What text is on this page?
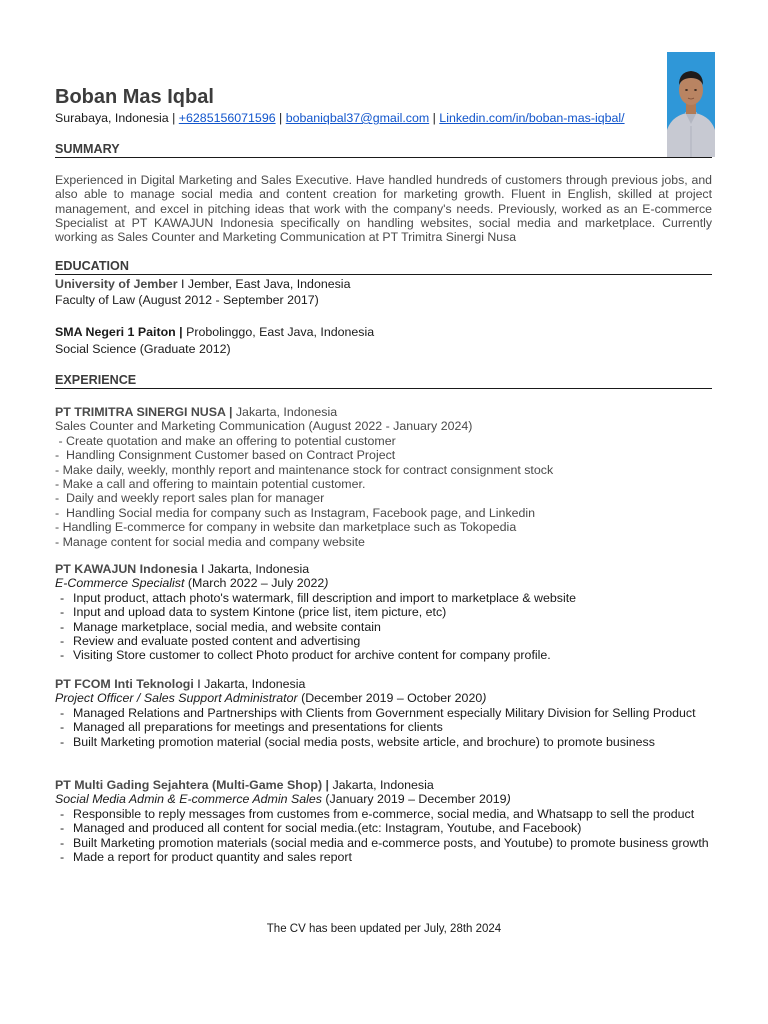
Boban Mas Iqbal
Surabaya, Indonesia | +6285156071596 | bobaniqbal37@gmail.com | Linkedin.com/in/boban-mas-iqbal/
SUMMARY

Experienced in Digital Marketing and Sales Executive. Have handled hundreds of customers through previous jobs, and also able to manage social media and content creation for marketing growth. Fluent in English, skilled at project management, and excel in pitching ideas that work with the company's needs. Previously, worked as an E-commerce Specialist at PT KAWAJUN Indonesia specifically on handling websites, social media and marketplace. Currently working as Sales Counter and Marketing Communication at PT Trimitra Sinergi Nusa

EDUCATION
University of Jember I Jember, East Java, Indonesia
Faculty of Law (August 2012 - September 2017)
SMA Negeri 1 Paiton | Probolinggo, East Java, Indonesia
Social Science (Graduate 2012)
EXPERIENCE
PT TRIMITRA SINERGI NUSA | Jakarta, Indonesia
Sales Counter and Marketing Communication (August 2022 - January 2024)
- Create quotation and make an offering to potential customer
-  Handling Consignment Customer based on Contract Project
- Make daily, weekly, monthly report and maintenance stock for contract consignment stock
- Make a call and offering to maintain potential customer.
-  Daily and weekly report sales plan for manager
-  Handling Social media for company such as Instagram, Facebook page, and Linkedin
- Handling E-commerce for company in website dan marketplace such as Tokopedia
- Manage content for social media and company website
PT KAWAJUN Indonesia I Jakarta, Indonesia
E-Commerce Specialist (March 2022 – July 2022)
- Input product, attach photo's watermark, fill description and import to marketplace & website
- Input and upload data to system Kintone (price list, item picture, etc)
- Manage marketplace, social media, and website contain
- Review and evaluate posted content and advertising
- Visiting Store customer to collect Photo product for archive content for company profile.
PT FCOM Inti Teknologi I Jakarta, Indonesia
Project Officer / Sales Support Administrator (December 2019 – October 2020)
- Managed Relations and Partnerships with Clients from Government especially Military Division for Selling Product
- Managed all preparations for meetings and presentations for clients
- Built Marketing promotion material (social media posts, website article, and brochure) to promote business
PT Multi Gading Sejahtera (Multi-Game Shop) | Jakarta, Indonesia
Social Media Admin & E-commerce Admin Sales (January 2019 – December 2019)
- Responsible to reply messages from customes from e-commerce, social media, and Whatsapp to sell the product
- Managed and produced all content for social media.(etc: Instagram, Youtube, and Facebook)
- Built Marketing promotion materials (social media and e-commerce posts, and Youtube) to promote business growth
- Made a report for product quantity and sales report
The CV has been updated per July, 28th 2024
